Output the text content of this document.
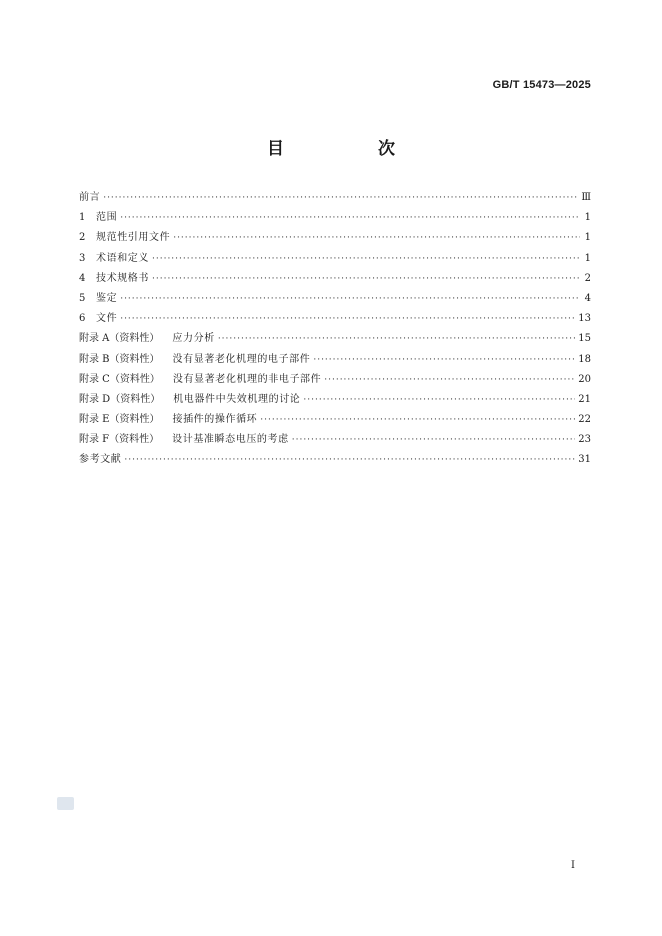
GB/T 15473—2025
目 次
前言 ·····	Ⅲ
1	范围 ·····	1
2	规范性引用文件 ·····	1
3	术语和定义 ·····	1
4	技术规格书 ·····	2
5	鉴定 ·····	4
6	文件 ·····	13
附录 A（资料性） 应力分析 ·····	15
附录 B（资料性） 没有显著老化机理的电子部件 ·····	18
附录 C（资料性） 没有显著老化机理的非电子部件 ·····	20
附录 D（资料性） 机电器件中失效机理的讨论 ·····	21
附录 E（资料性） 接插件的操作循环 ·····	22
附录 F（资料性） 设计基准瞬态电压的考虑 ·····	23
参考文献 ·····	31
I
